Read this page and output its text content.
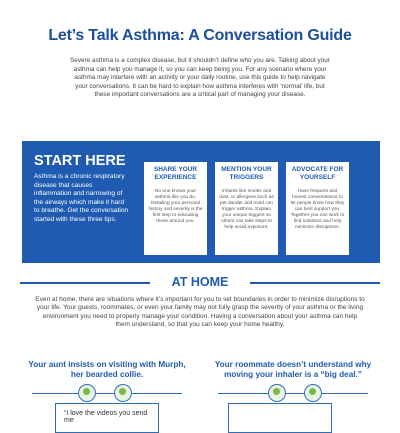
Let’s Talk Asthma: A Conversation Guide
Severe asthma is a complex disease, but it shouldn’t define who you are. Talking about your asthma can help you manage it, so you can keep being you. For any scenario where your asthma may interfere with an activity or your daily routine, use this guide to help navigate your conversations. It can be hard to explain how asthma interferes with ‘normal’ life, but these important conversations are a critical part of managing your disease.
START HERE
Asthma is a chronic respiratory disease that causes inflammation and narrowing of the airways which make it hard to breathe. Get the conversation started with these three tips.
SHARE YOUR EXPERIENCE
No one knows your asthma like you do. Detailing your personal history and severity is the first step to educating those around you.
MENTION YOUR TRIGGERS
Irritants like smoke and dust, or allergens such as pet dander and mold can trigger asthma. Explain your unique triggers so others can take steps to help avoid exposure.
ADVOCATE FOR YOURSELF
Have frequent and honest conversations to let people know how they can best support you. Together you can work to find solutions and help minimize disruptions.
AT HOME
Even at home, there are situations where it’s important for you to set boundaries in order to minimize disruptions to your life. Your guests, roommates, or even your family may not fully grasp the severity of your asthma or the living environment you need to properly manage your condition. Having a conversation about your asthma can help them understand, so that you can keep your home healthy.
Your aunt insists on visiting with Murph, her bearded collie.
Your roommate doesn’t understand why moving your inhaler is a “big deal.”
“I love the videos you send me
